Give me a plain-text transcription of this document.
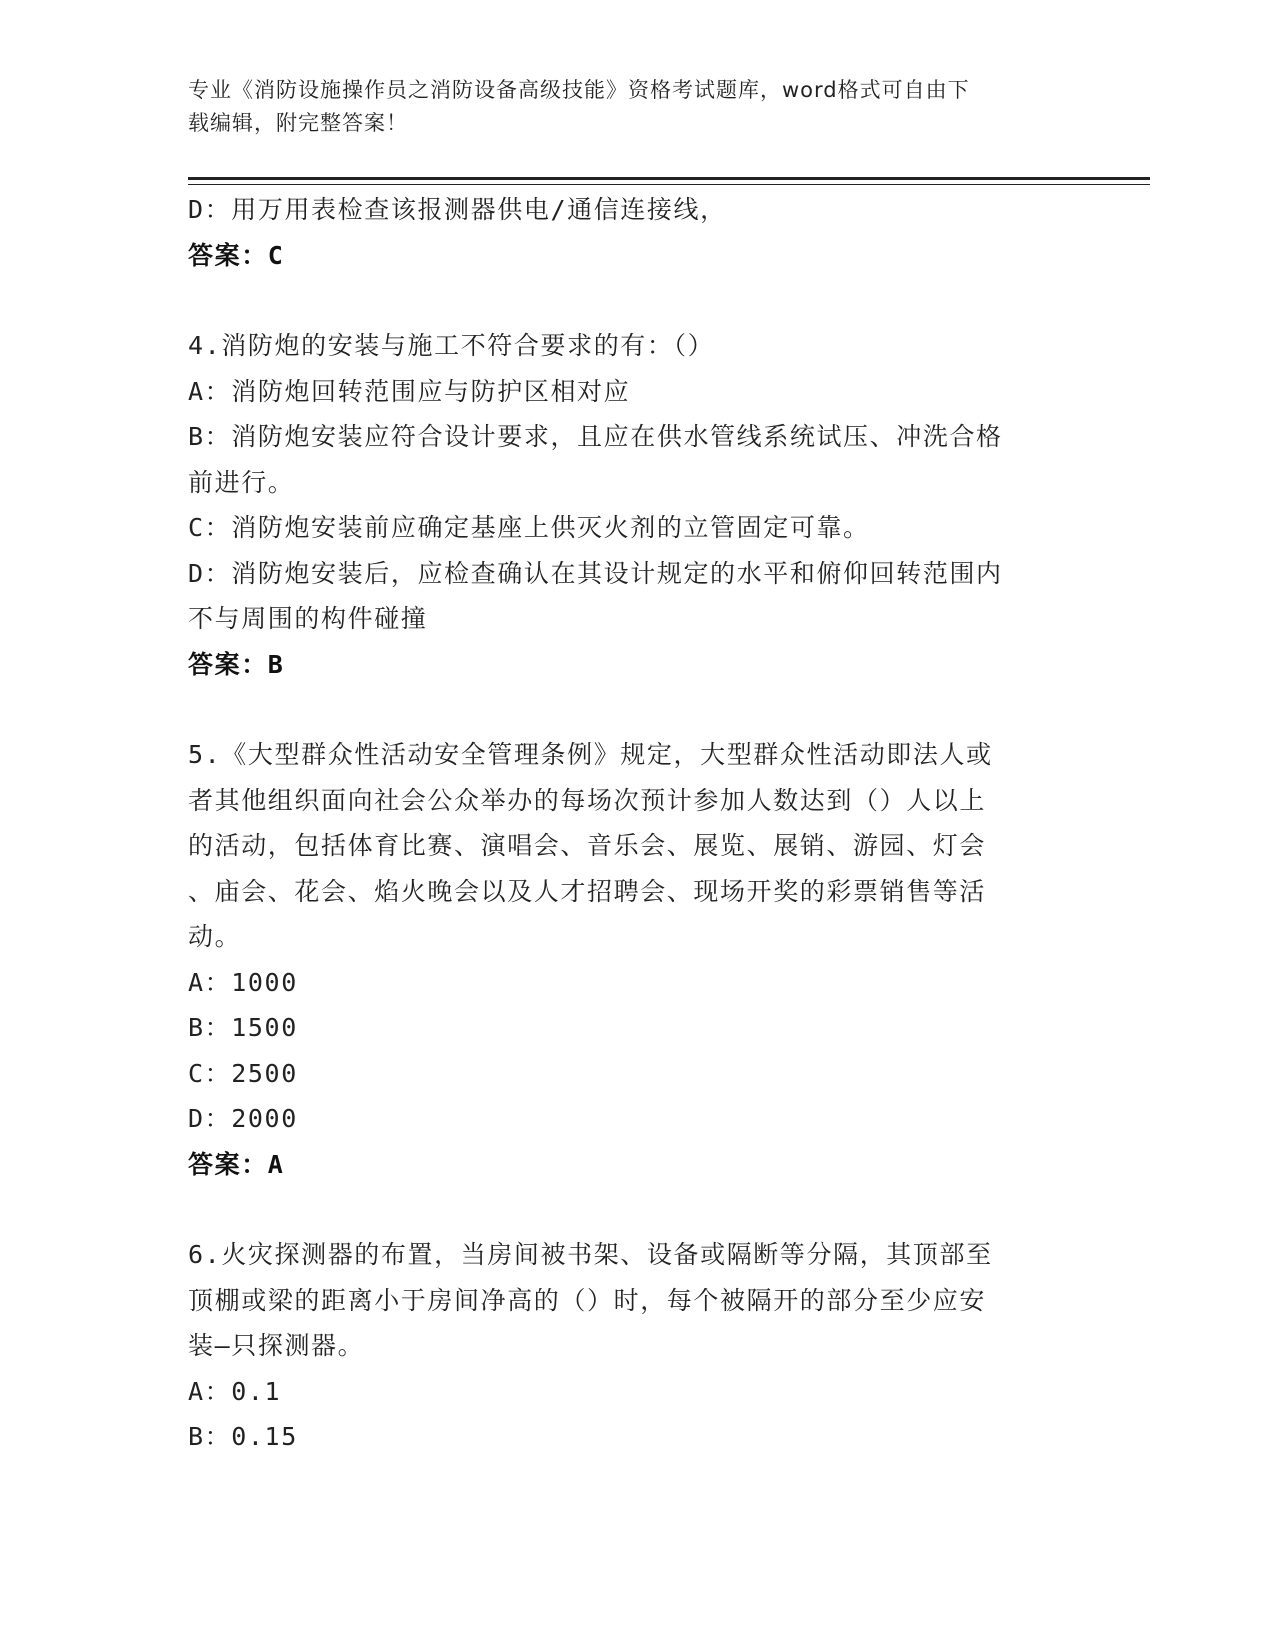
专业《消防设施操作员之消防设备高级技能》资格考试题库，word格式可自由下
载编辑，附完整答案！
D：用万用表检查该报测器供电/通信连接线，
答案：C
4.消防炮的安装与施工不符合要求的有：（）
A：消防炮回转范围应与防护区相对应
B：消防炮安装应符合设计要求，且应在供水管线系统试压、冲洗合格
前进行。
C：消防炮安装前应确定基座上供灭火剂的立管固定可靠。
D：消防炮安装后，应检查确认在其设计规定的水平和俯仰回转范围内
不与周围的构件碰撞
答案：B
5.《大型群众性活动安全管理条例》规定，大型群众性活动即法人或
者其他组织面向社会公众举办的每场次预计参加人数达到（）人以上
的活动，包括体育比赛、演唱会、音乐会、展览、展销、游园、灯会
、庙会、花会、焰火晚会以及人才招聘会、现场开奖的彩票销售等活
动。
A：1000
B：1500
C：2500
D：2000
答案：A
6.火灾探测器的布置，当房间被书架、设备或隔断等分隔，其顶部至
顶棚或梁的距离小于房间净高的（）时，每个被隔开的部分至少应安
装—只探测器。
A：0.1
B：0.15
